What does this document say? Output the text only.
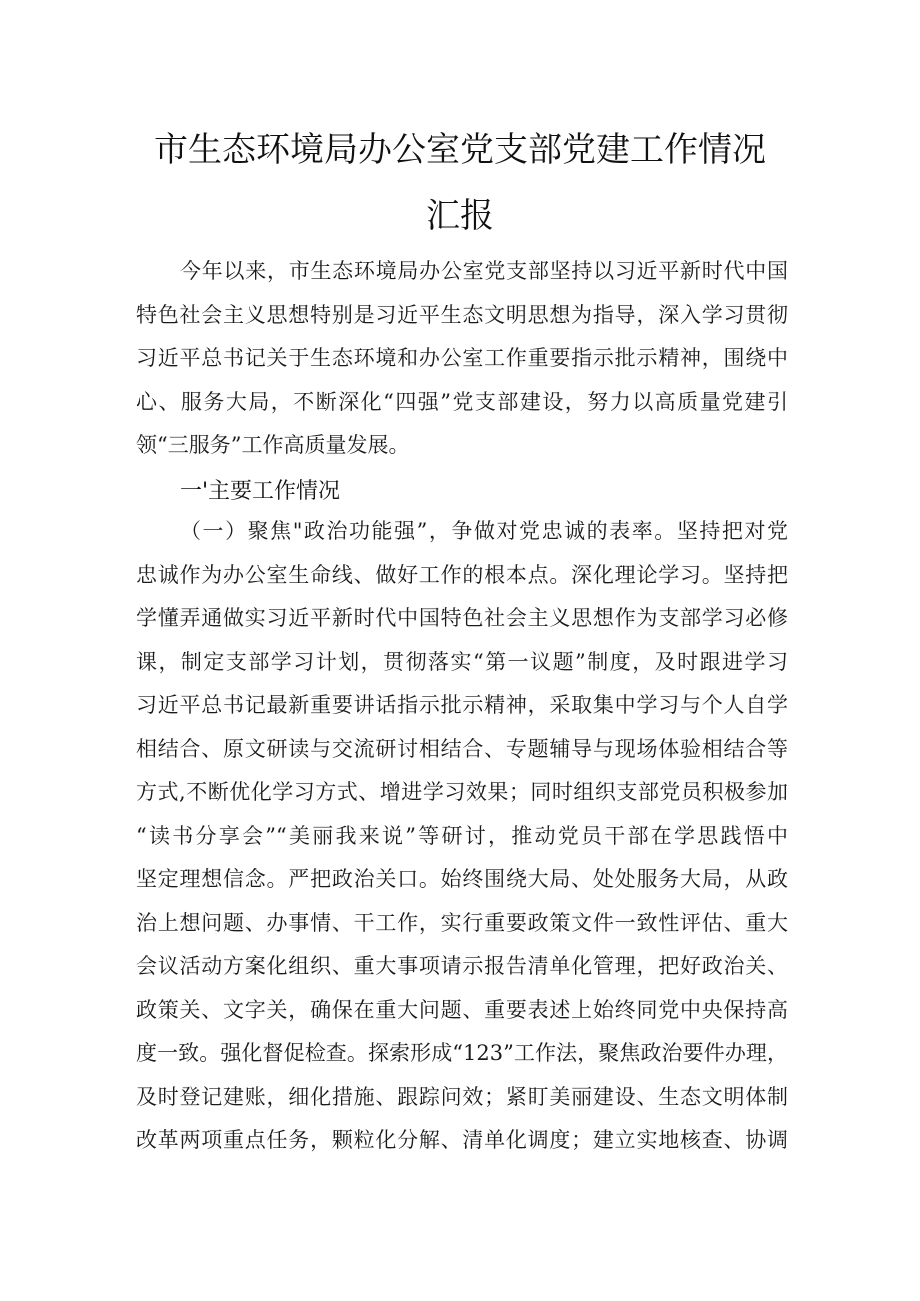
市生态环境局办公室党支部党建工作情况
汇报
今年以来，市生态环境局办公室党支部坚持以习近平新时代中国
特色社会主义思想特别是习近平生态文明思想为指导，深入学习贯彻
习近平总书记关于生态环境和办公室工作重要指示批示精神，围绕中
心、服务大局，不断深化“四强”党支部建设，努力以高质量党建引
领“三服务”工作高质量发展。
一'主要工作情况
（一）聚焦"政治功能强”，争做对党忠诚的表率。坚持把对党
忠诚作为办公室生命线、做好工作的根本点。深化理论学习。坚持把
学懂弄通做实习近平新时代中国特色社会主义思想作为支部学习必修
课，制定支部学习计划，贯彻落实“第一议题”制度，及时跟进学习
习近平总书记最新重要讲话指示批示精神，采取集中学习与个人自学
相结合、原文研读与交流研讨相结合、专题辅导与现场体验相结合等
方式,不断优化学习方式、增进学习效果；同时组织支部党员积极参加
“读书分享会”“美丽我来说”等研讨，推动党员干部在学思践悟中
坚定理想信念。严把政治关口。始终围绕大局、处处服务大局，从政
治上想问题、办事情、干工作，实行重要政策文件一致性评估、重大
会议活动方案化组织、重大事项请示报告清单化管理，把好政治关、
政策关、文字关，确保在重大问题、重要表述上始终同党中央保持高
度一致。强化督促检查。探索形成“123”工作法，聚焦政治要件办理，
及时登记建账，细化措施、跟踪问效；紧盯美丽建设、生态文明体制
改革两项重点任务，颗粒化分解、清单化调度；建立实地核查、协调
